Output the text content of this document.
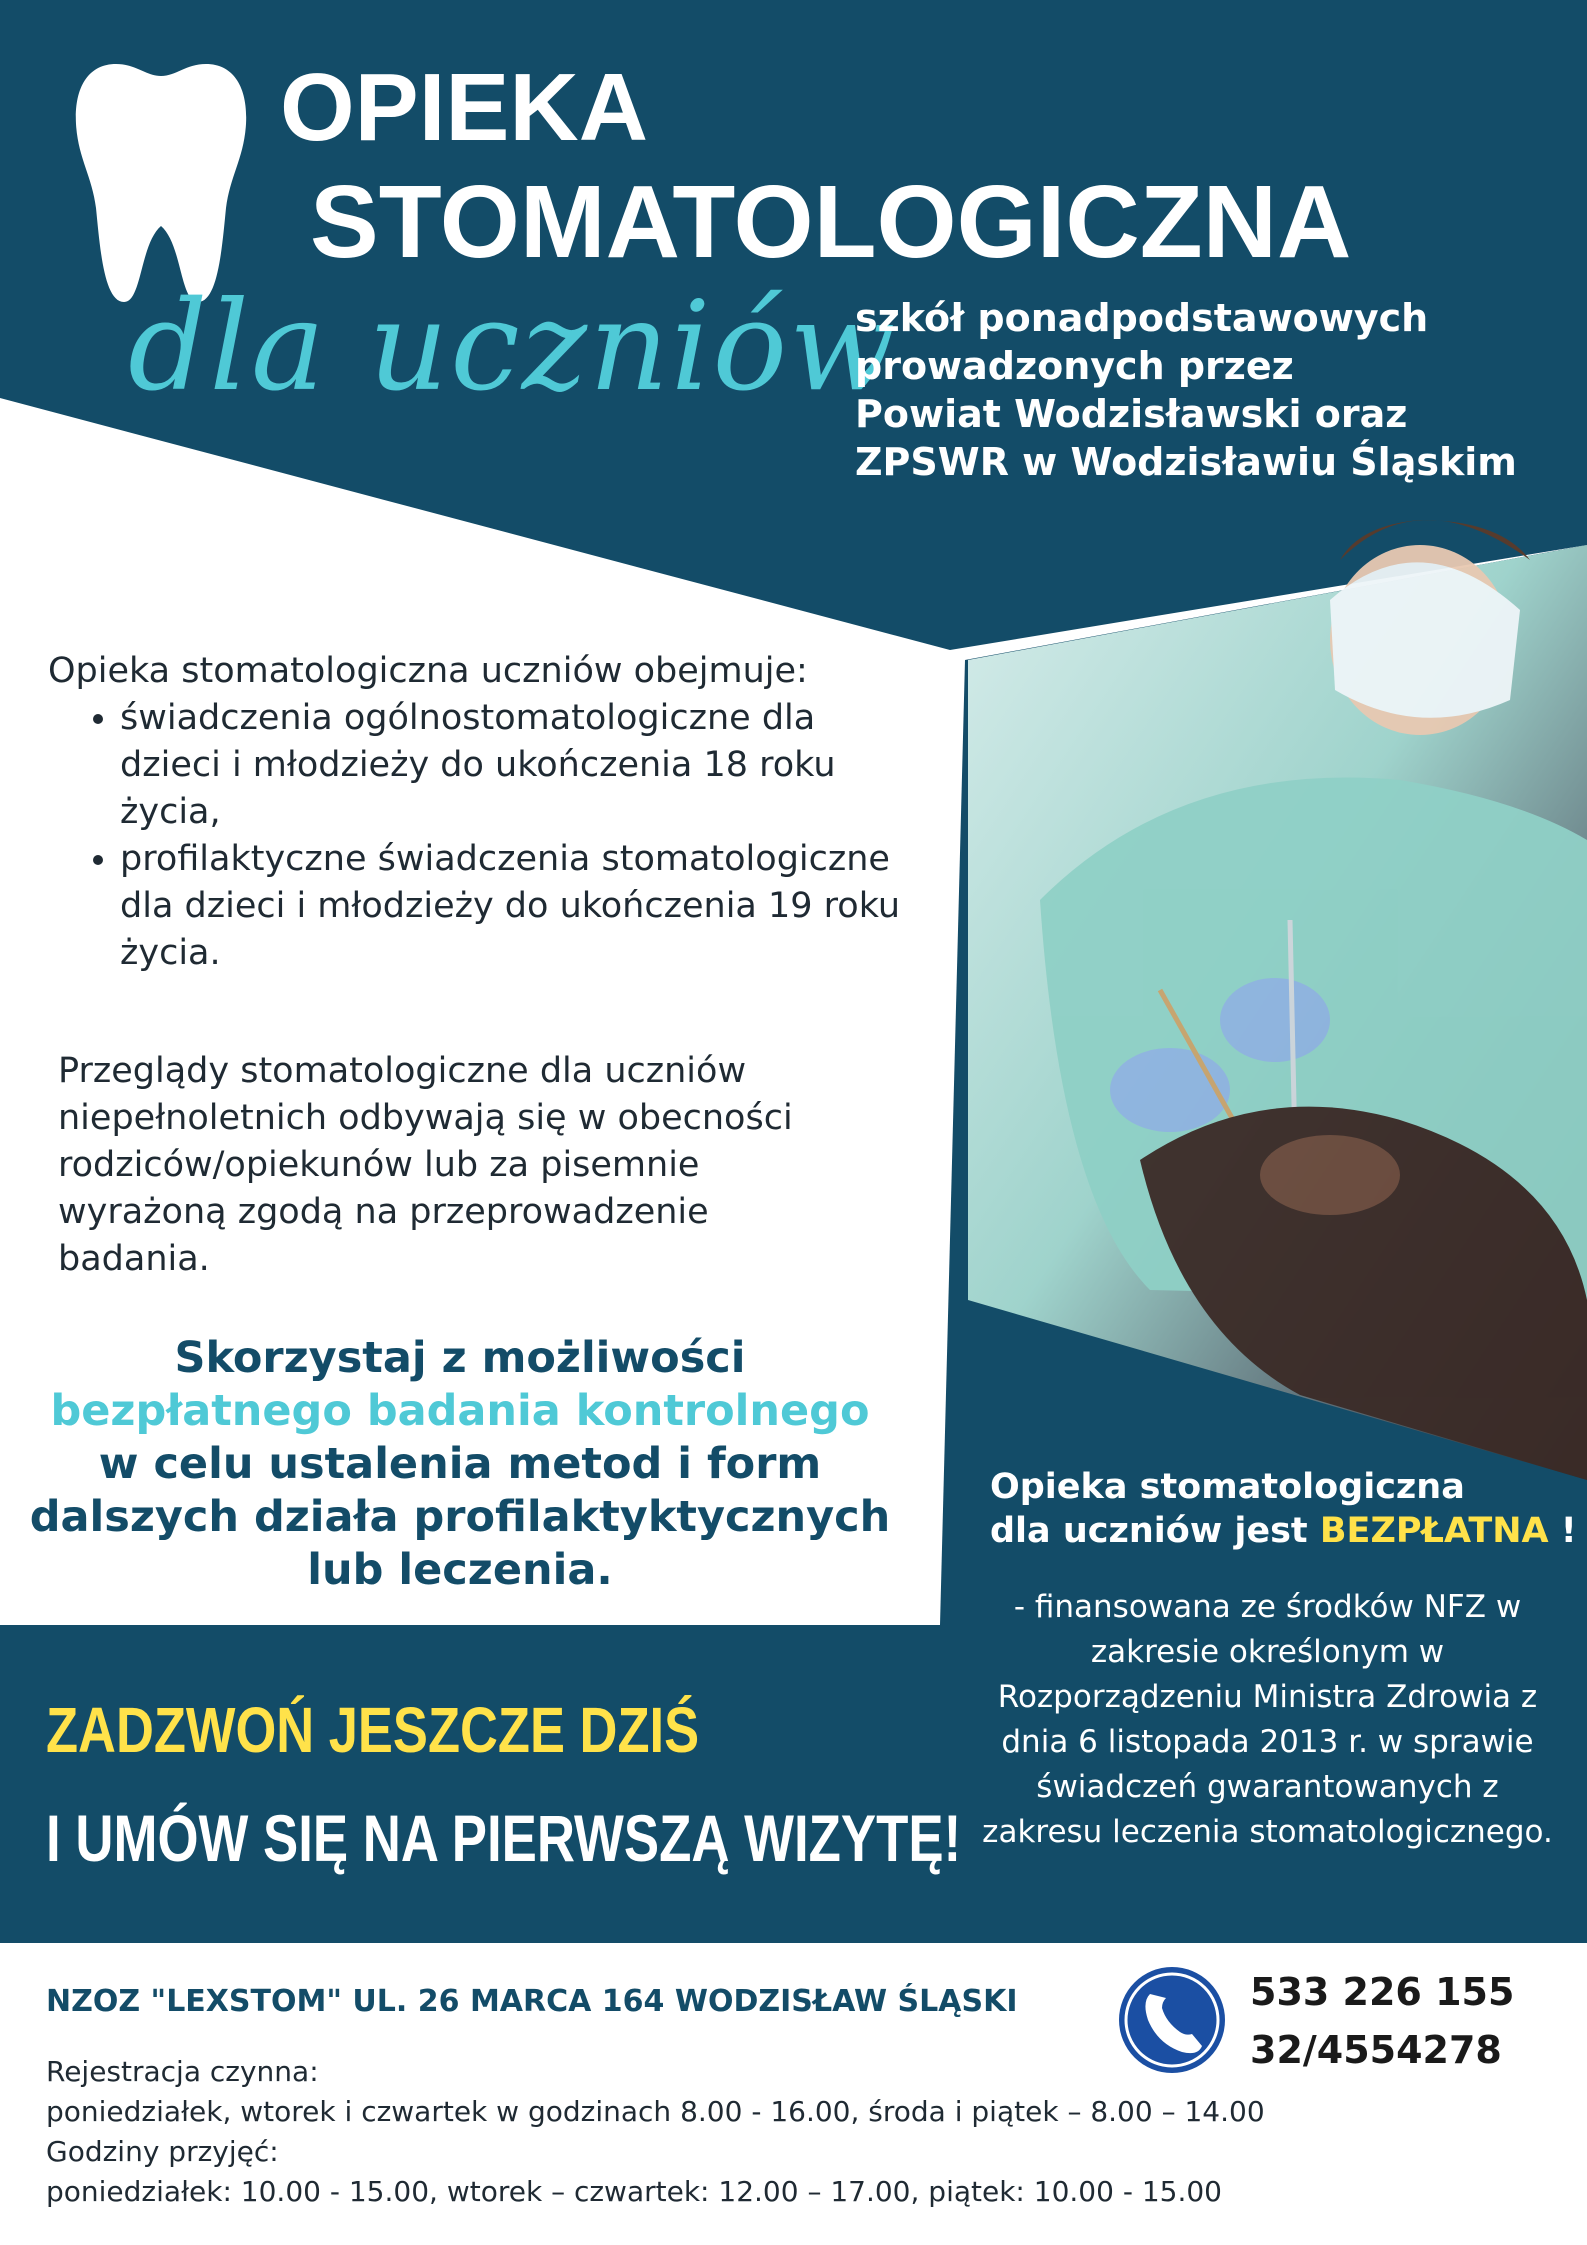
OPIEKA
STOMATOLOGICZNA
dla uczniów
szkół ponadpodstawowych
prowadzonych przez
Powiat Wodzisławski oraz
ZPSWR w Wodzisławiu Śląskim
Opieka stomatologiczna uczniów obejmuje:
• świadczenia ogólnostomatologiczne dla dzieci i młodzieży do ukończenia 18 roku życia,
• profilaktyczne świadczenia stomatologiczne dla dzieci i młodzieży do ukończenia 19 roku życia.
Przeglądy stomatologiczne dla uczniów niepełnoletnich odbywają się w obecności rodziców/opiekunów lub za pisemnie wyrażoną zgodą na przeprowadzenie badania.
Skorzystaj z możliwości
bezpłatnego badania kontrolnego
w celu ustalenia metod i form
dalszych działa profilaktyktycznych
lub leczenia.
ZADZWOŃ JESZCZE DZIŚ
I UMÓW SIĘ NA PIERWSZĄ WIZYTĘ!
Opieka stomatologiczna
dla uczniów jest BEZPŁATNA !
- finansowana ze środków NFZ w zakresie określonym w Rozporządzeniu Ministra Zdrowia z dnia 6 listopada 2013 r. w sprawie świadczeń gwarantowanych z zakresu leczenia stomatologicznego.
NZOZ "LEXSTOM" UL. 26 MARCA 164 WODZISŁAW ŚLĄSKI	533 226 155
32/4554278
Rejestracja czynna:
poniedziałek, wtorek i czwartek w godzinach 8.00 - 16.00, środa i piątek – 8.00 – 14.00
Godziny przyjęć:
poniedziałek: 10.00 - 15.00, wtorek – czwartek: 12.00 – 17.00, piątek: 10.00 - 15.00
